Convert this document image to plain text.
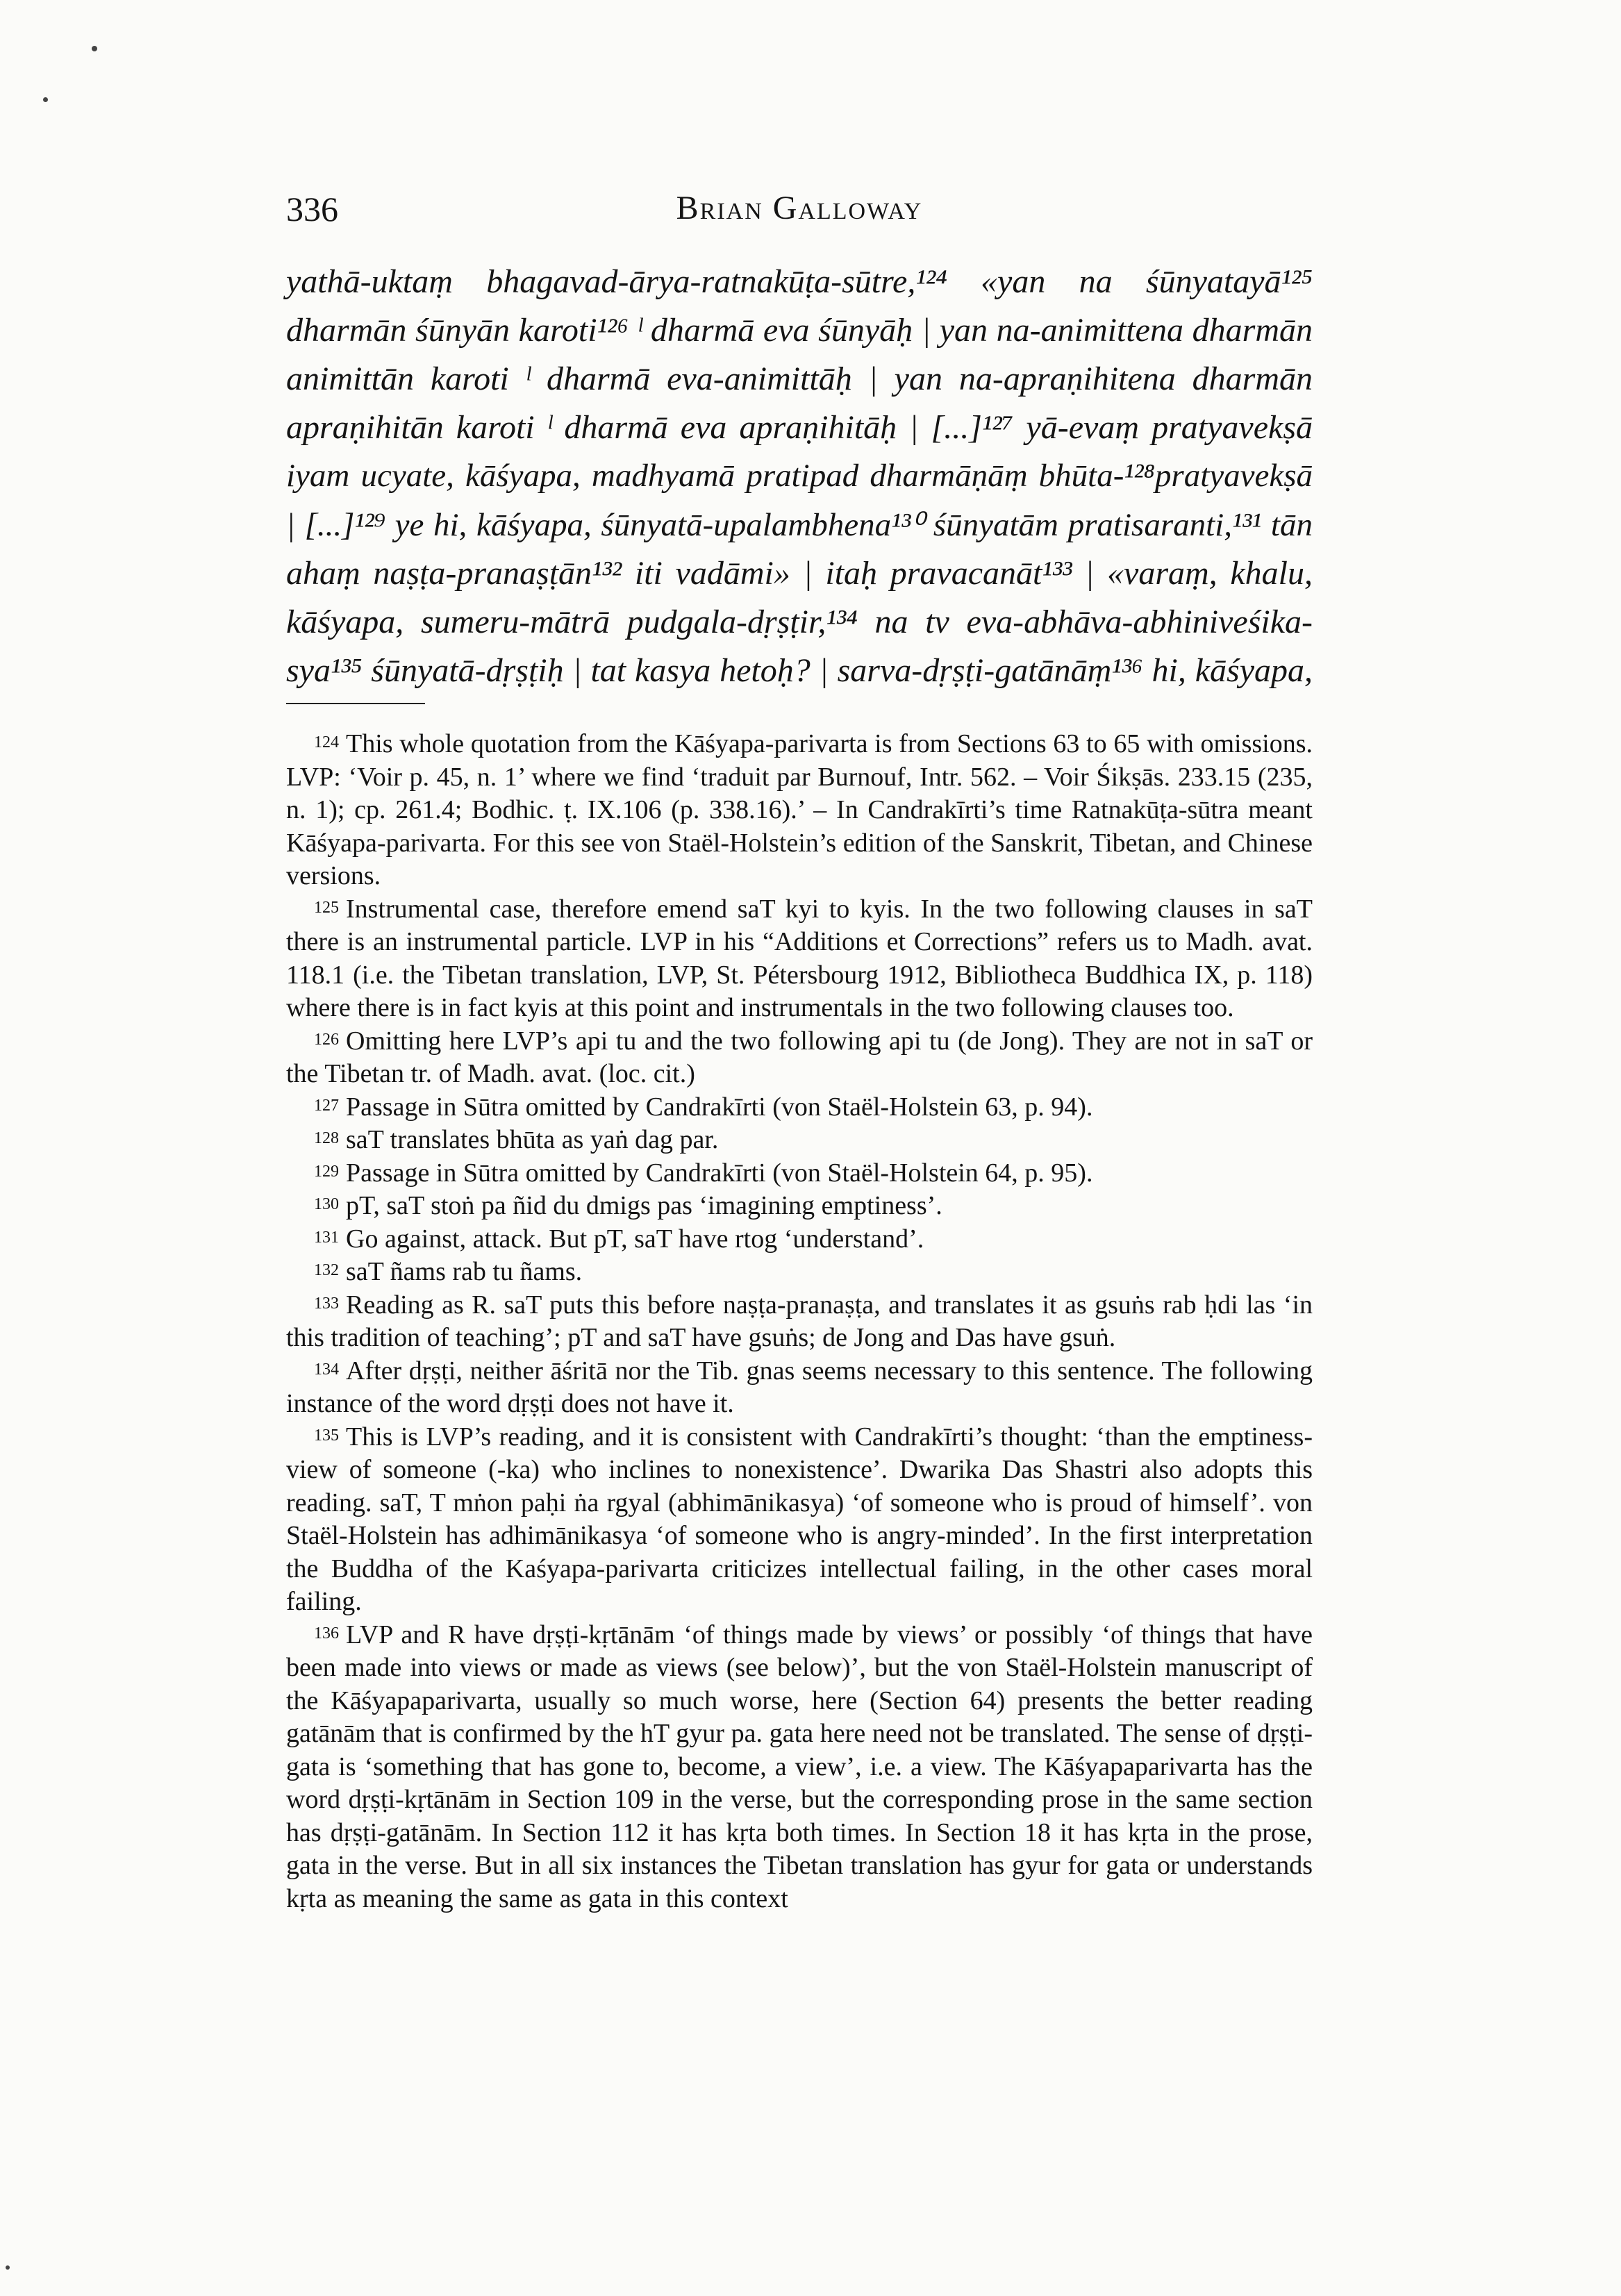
336	Brian Galloway
yathā-uktaṃ bhagavad-ārya-ratnakūṭa-sūtre,¹²⁴ «yan na śūnyatayā¹²⁵
dharmān śūnyān karoti¹²⁶ ˡ dharmā eva śūnyāḥ | yan na-animittena dharmān
animittān karoti ˡ dharmā eva-animittāḥ | yan na-apraṇihitena dharmān
apraṇihitān karoti ˡ dharmā eva apraṇihitāḥ | [...]¹²⁷ yā-evaṃ pratyavekṣā
iyam ucyate, kāśyapa, madhyamā pratipad dharmāṇāṃ bhūta-¹²⁸pratyavekṣā
| [...]¹²⁹ ye hi, kāśyapa, śūnyatā-upalambhena¹³⁰ śūnyatām pratisaranti,¹³¹ tān
ahaṃ naṣṭa-pranaṣṭān¹³² iti vadāmi» | itaḥ pravacanāt¹³³ | «varaṃ, khalu,
kāśyapa, sumeru-mātrā pudgala-dṛṣṭir,¹³⁴ na tv eva-abhāva-abhiniveśika-
sya¹³⁵ śūnyatā-dṛṣṭiḥ | tat kasya hetoḥ? | sarva-dṛṣṭi-gatānāṃ¹³⁶ hi, kāśyapa,

$^{124}$ This whole quotation from the Kāśyapa-parivarta is from Sections 63 to 65 with omissions. LVP: ‘Voir p. 45, n. 1’ where we find ‘traduit par Burnouf, Intr. 562. – Voir Śikṣās. 233.15 (235, n. 1); cp. 261.4; Bodhic. ṭ. IX.106 (p. 338.16).’ – In Candrakīrti’s time Ratnakūṭa-sūtra meant Kāśyapa-parivarta. For this see von Staël-Holstein’s edition of the Sanskrit, Tibetan, and Chinese versions.

$^{125}$ Instrumental case, therefore emend saT kyi to kyis. In the two following clauses in saT there is an instrumental particle. LVP in his “Additions et Corrections” refers us to Madh. avat. 118.1 (i.e. the Tibetan translation, LVP, St. Pétersbourg 1912, Bibliotheca Buddhica IX, p. 118) where there is in fact kyis at this point and instrumentals in the two following clauses too.

$^{126}$ Omitting here LVP’s api tu and the two following api tu (de Jong). They are not in saT or the Tibetan tr. of Madh. avat. (loc. cit.)

$^{127}$ Passage in Sūtra omitted by Candrakīrti (von Staël-Holstein 63, p. 94).

$^{128}$ saT translates bhūta as yaṅ dag par.

$^{129}$ Passage in Sūtra omitted by Candrakīrti (von Staël-Holstein 64, p. 95).

$^{130}$ pT, saT stoṅ pa ñid du dmigs pas ‘imagining emptiness’.

$^{131}$ Go against, attack. But pT, saT have rtog ‘understand’.

$^{132}$ saT ñams rab tu ñams.

$^{133}$ Reading as R. saT puts this before naṣṭa-pranaṣṭa, and translates it as gsuṅs rab ḥdi las ‘in this tradition of teaching’; pT and saT have gsuṅs; de Jong and Das have gsuṅ.

$^{134}$ After dṛṣṭi, neither āśritā nor the Tib. gnas seems necessary to this sentence. The following instance of the word dṛṣṭi does not have it.

$^{135}$ This is LVP’s reading, and it is consistent with Candrakīrti’s thought: ‘than the emptiness-view of someone (-ka) who inclines to nonexistence’. Dwarika Das Shastri also adopts this reading. saT, T mṅon paḥi ṅa rgyal (abhimānikasya) ‘of someone who is proud of himself’. von Staël-Holstein has adhimānikasya ‘of someone who is angry-minded’. In the first interpretation the Buddha of the Kaśyapa-parivarta criticizes intellectual failing, in the other cases moral failing.

$^{136}$ LVP and R have dṛṣṭi-kṛtānām ‘of things made by views’ or possibly ‘of things that have been made into views or made as views (see below)’, but the von Staël-Holstein manuscript of the Kāśyapaparivarta, usually so much worse, here (Section 64) presents the better reading gatānām that is confirmed by the hT gyur pa. gata here need not be translated. The sense of dṛṣṭi-gata is ‘something that has gone to, become, a view’, i.e. a view. The Kāśyapaparivarta has the word dṛṣṭi-kṛtānām in Section 109 in the verse, but the corresponding prose in the same section has dṛṣṭi-gatānām. In Section 112 it has kṛta both times. In Section 18 it has kṛta in the prose, gata in the verse. But in all six instances the Tibetan translation has gyur for gata or understands kṛta as meaning the same as gata in this context
